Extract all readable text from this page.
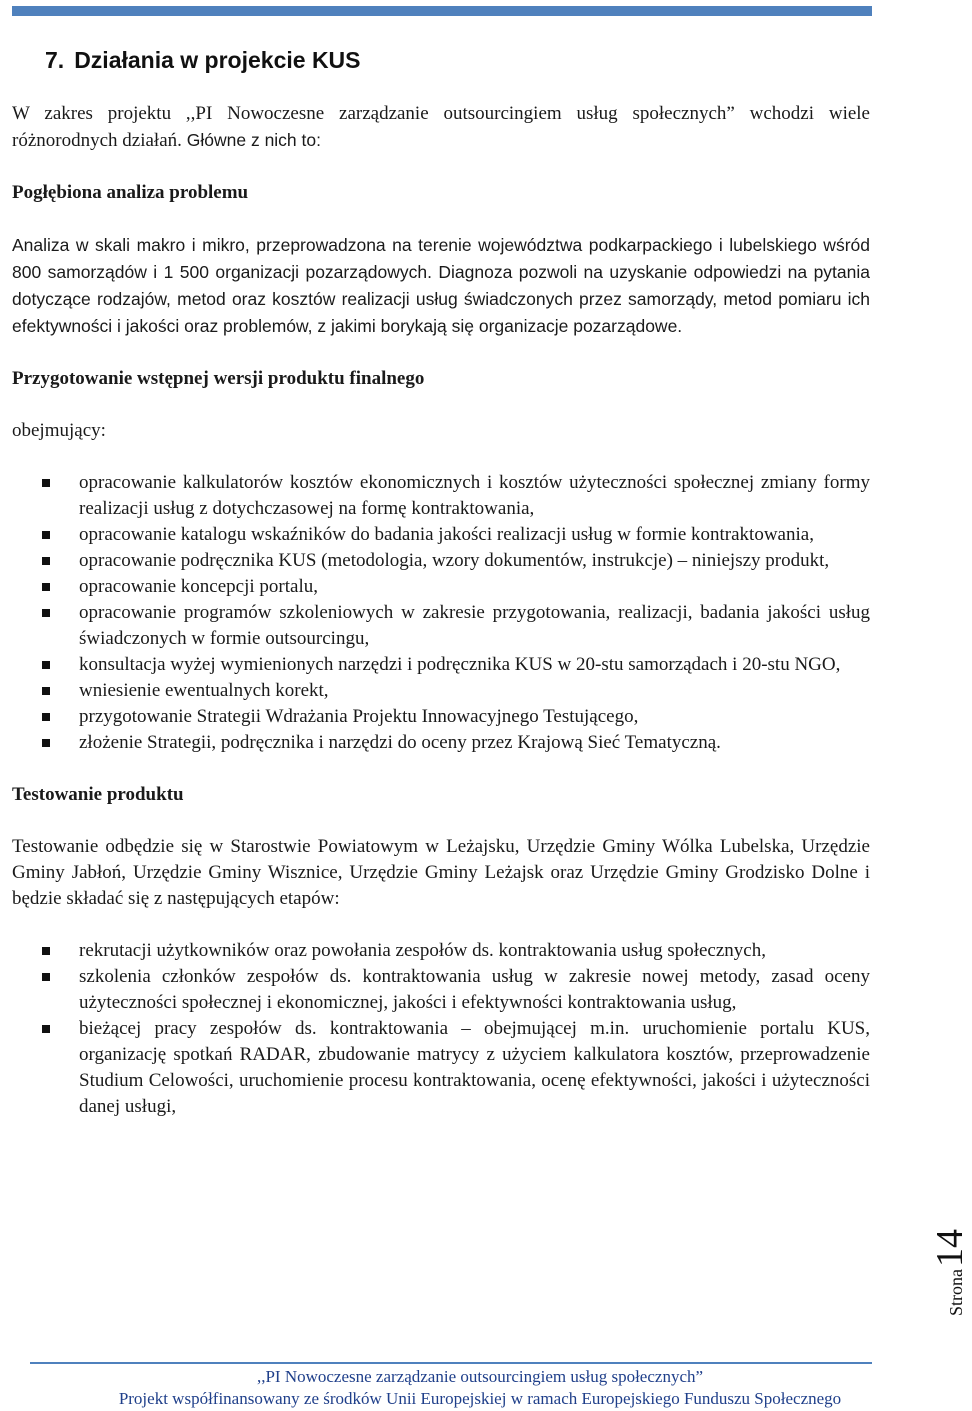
7. Działania w projekcie KUS

W zakres projektu ,,PI Nowoczesne zarządzanie outsourcingiem usług społecznych” wchodzi wiele różnorodnych działań. Główne z nich to:

Pogłębiona analiza problemu

Analiza w skali makro i mikro, przeprowadzona na terenie województwa podkarpackiego i lubelskiego wśród 800 samorządów i 1 500 organizacji pozarządowych. Diagnoza pozwoli na uzyskanie odpowiedzi na pytania dotyczące rodzajów, metod oraz kosztów realizacji usług świadczonych przez samorządy, metod pomiaru ich efektywności i jakości oraz problemów, z jakimi borykają się organizacje pozarządowe.

Przygotowanie wstępnej wersji produktu finalnego

obejmujący:

opracowanie kalkulatorów kosztów ekonomicznych i kosztów użyteczności społecznej zmiany formy realizacji usług z dotychczasowej na formę kontraktowania,
opracowanie katalogu wskaźników do badania jakości realizacji usług w formie kontraktowania,
opracowanie podręcznika KUS (metodologia, wzory dokumentów, instrukcje) – niniejszy produkt,
opracowanie koncepcji portalu,
opracowanie programów szkoleniowych w zakresie przygotowania, realizacji, badania jakości usług świadczonych w formie outsourcingu,
konsultacja wyżej wymienionych narzędzi i podręcznika KUS w 20-stu samorządach i 20-stu NGO,
wniesienie ewentualnych korekt,
przygotowanie Strategii Wdrażania Projektu Innowacyjnego Testującego,
złożenie Strategii, podręcznika i narzędzi do oceny przez Krajową Sieć Tematyczną.

Testowanie produktu

Testowanie odbędzie się w Starostwie Powiatowym w Leżajsku, Urzędzie Gminy Wólka Lubelska, Urzędzie Gminy Jabłoń, Urzędzie Gminy Wisznice, Urzędzie Gminy Leżajsk oraz Urzędzie Gminy Grodzisko Dolne i będzie składać się z następujących etapów:

rekrutacji użytkowników oraz powołania zespołów ds. kontraktowania usług społecznych,
szkolenia członków zespołów ds. kontraktowania usług w zakresie nowej metody, zasad oceny użyteczności społecznej i ekonomicznej, jakości i efektywności kontraktowania usług,
bieżącej pracy zespołów ds. kontraktowania – obejmującej m.in. uruchomienie portalu KUS, organizację spotkań RADAR, zbudowanie matrycy z użyciem kalkulatora kosztów, przeprowadzenie Studium Celowości, uruchomienie procesu kontraktowania, ocenę efektywności, jakości i użyteczności danej usługi,
Strona14
,,PI Nowoczesne zarządzanie outsourcingiem usług społecznych”
Projekt współfinansowany ze środków Unii Europejskiej w ramach Europejskiego Funduszu Społecznego
